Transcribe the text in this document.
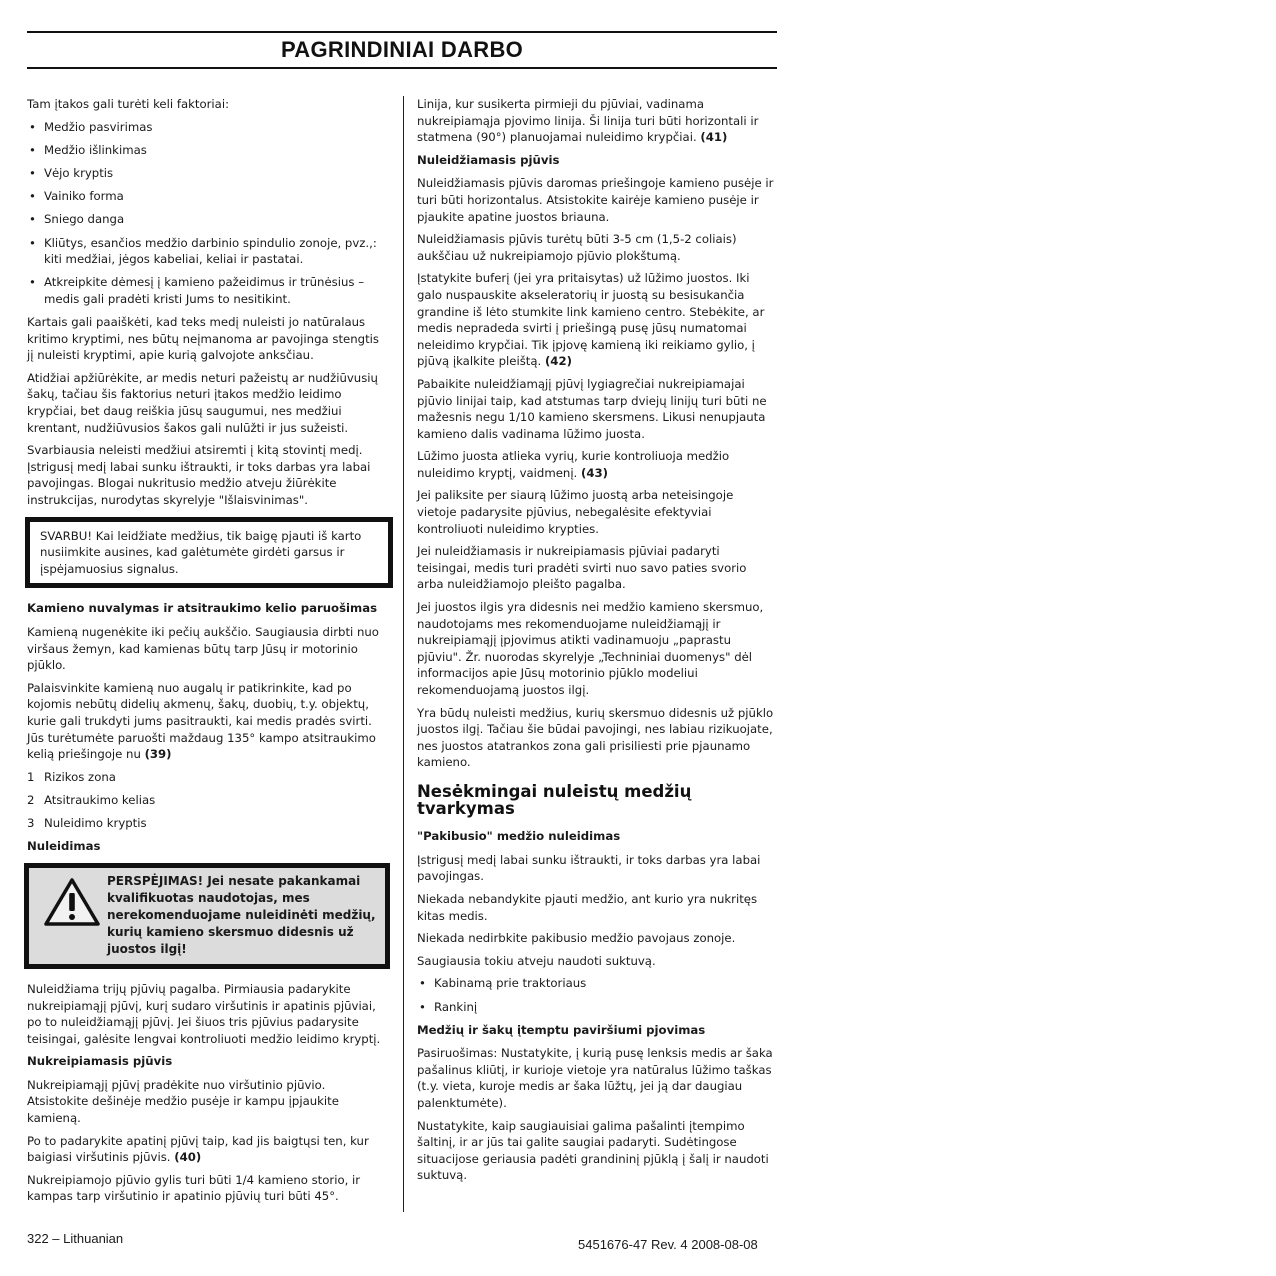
PAGRINDINIAI DARBO

Tam įtakos gali turėti keli faktoriai:

• Medžio pasvirimas
• Medžio išlinkimas
• Vėjo kryptis
• Vainiko forma
• Sniego danga
• Kliūtys, esančios medžio darbinio spindulio zonoje, pvz.,: kiti medžiai, jėgos kabeliai, keliai ir pastatai.
• Atkreipkite dėmesį į kamieno pažeidimus ir trūnėsius – medis gali pradėti kristi Jums to nesitikint.

Kartais gali paaiškėti, kad teks medį nuleisti jo natūralaus kritimo kryptimi, nes būtų neįmanoma ar pavojinga stengtis jį nuleisti kryptimi, apie kurią galvojote anksčiau.

Atidžiai apžiūrėkite, ar medis neturi pažeistų ar nudžiūvusių šakų, tačiau šis faktorius neturi įtakos medžio leidimo krypčiai, bet daug reiškia jūsų saugumui, nes medžiui krentant, nudžiūvusios šakos gali nulūžti ir jus sužeisti.

Svarbiausia neleisti medžiui atsiremti į kitą stovintį medį. Įstrigusį medį labai sunku ištraukti, ir toks darbas yra labai pavojingas. Blogai nukritusio medžio atveju žiūrėkite instrukcijas, nurodytas skyrelyje "Išlaisvinimas".

SVARBU! Kai leidžiate medžius, tik baigę pjauti iš karto nusiimkite ausines, kad galėtumėte girdėti garsus ir įspėjamuosius signalus.

Kamieno nuvalymas ir atsitraukimo kelio paruošimas

Kamieną nugenėkite iki pečių aukščio. Saugiausia dirbti nuo viršaus žemyn, kad kamienas būtų tarp Jūsų ir motorinio pjūklo.

Palaisvinkite kamieną nuo augalų ir patikrinkite, kad po kojomis nebūtų didelių akmenų, šakų, duobių, t.y. objektų, kurie gali trukdyti jums pasitraukti, kai medis pradės svirti. Jūs turėtumėte paruošti maždaug 135° kampo atsitraukimo kelią priešingoje nu (39)

1 Rizikos zona
2 Atsitraukimo kelias
3 Nuleidimo kryptis

Nuleidimas

PERSPĖJIMAS! Jei nesate pakankamai kvalifikuotas naudotojas, mes nerekomenduojame nuleidinėti medžių, kurių kamieno skersmuo didesnis už juostos ilgį!

Nuleidžiama trijų pjūvių pagalba. Pirmiausia padarykite nukreipiamąjį pjūvį, kurį sudaro viršutinis ir apatinis pjūviai, po to nuleidžiamąjį pjūvį. Jei šiuos tris pjūvius padarysite teisingai, galėsite lengvai kontroliuoti medžio leidimo kryptį.

Nukreipiamasis pjūvis

Nukreipiamąjį pjūvį pradėkite nuo viršutinio pjūvio. Atsistokite dešinėje medžio pusėje ir kampu įpjaukite kamieną.

Po to padarykite apatinį pjūvį taip, kad jis baigtųsi ten, kur baigiasi viršutinis pjūvis. (40)

Nukreipiamojo pjūvio gylis turi būti 1/4 kamieno storio, ir kampas tarp viršutinio ir apatinio pjūvių turi būti 45°.

Linija, kur susikerta pirmieji du pjūviai, vadinama nukreipiamąja pjovimo linija. Ši linija turi būti horizontali ir statmena (90°) planuojamai nuleidimo krypčiai. (41)

Nuleidžiamasis pjūvis

Nuleidžiamasis pjūvis daromas priešingoje kamieno pusėje ir turi būti horizontalus. Atsistokite kairėje kamieno pusėje ir pjaukite apatine juostos briauna.

Nuleidžiamasis pjūvis turėtų būti 3-5 cm (1,5-2 coliais) aukščiau už nukreipiamojo pjūvio plokštumą.

Įstatykite buferį (jei yra pritaisytas) už lūžimo juostos. Iki galo nuspauskite akseleratorių ir juostą su besisukančia grandine iš lėto stumkite link kamieno centro. Stebėkite, ar medis nepradeda svirti į priešingą pusę jūsų numatomai neleidimo krypčiai. Tik įpjovę kamieną iki reikiamo gylio, į pjūvą įkalkite pleištą. (42)

Pabaikite nuleidžiamąjį pjūvį lygiagrečiai nukreipiamajai pjūvio linijai taip, kad atstumas tarp dviejų linijų turi būti ne mažesnis negu 1/10 kamieno skersmens. Likusi nenupjauta kamieno dalis vadinama lūžimo juosta.

Lūžimo juosta atlieka vyrių, kurie kontroliuoja medžio nuleidimo kryptį, vaidmenį. (43)

Jei paliksite per siaurą lūžimo juostą arba neteisingoje vietoje padarysite pjūvius, nebegalėsite efektyviai kontroliuoti nuleidimo krypties.

Jei nuleidžiamasis ir nukreipiamasis pjūviai padaryti teisingai, medis turi pradėti svirti nuo savo paties svorio arba nuleidžiamojo pleišto pagalba.

Jei juostos ilgis yra didesnis nei medžio kamieno skersmuo, naudotojams mes rekomenduojame nuleidžiamąjį ir nukreipiamąjį įpjovimus atikti vadinamuoju „paprastu pjūviu". Žr. nuorodas skyrelyje „Techniniai duomenys" dėl informacijos apie Jūsų motorinio pjūklo modeliui rekomenduojamą juostos ilgį.

Yra būdų nuleisti medžius, kurių skersmuo didesnis už pjūklo juostos ilgį. Tačiau šie būdai pavojingi, nes labiau rizikuojate, nes juostos atatrankos zona gali prisiliesti prie pjaunamo kamieno.

Nesėkmingai nuleistų medžių tvarkymas

"Pakibusio" medžio nuleidimas

Įstrigusį medį labai sunku ištraukti, ir toks darbas yra labai pavojingas.

Niekada nebandykite pjauti medžio, ant kurio yra nukritęs kitas medis.

Niekada nedirbkite pakibusio medžio pavojaus zonoje.

Saugiausia tokiu atveju naudoti suktuvą.

• Kabinamą prie traktoriaus
• Rankinį

Medžių ir šakų įtemptu paviršiumi pjovimas

Pasiruošimas: Nustatykite, į kurią pusę lenksis medis ar šaka pašalinus kliūtį, ir kurioje vietoje yra natūralus lūžimo taškas (t.y. vieta, kuroje medis ar šaka lūžtų, jei ją dar daugiau palenktumėte).

Nustatykite, kaip saugiauisiai galima pašalinti įtempimo šaltinį, ir ar jūs tai galite saugiai padaryti. Sudėtingose situacijose geriausia padėti grandininį pjūklą į šalį ir naudoti suktuvą.

322 – Lithuanian	5451676-47 Rev. 4 2008-08-08
